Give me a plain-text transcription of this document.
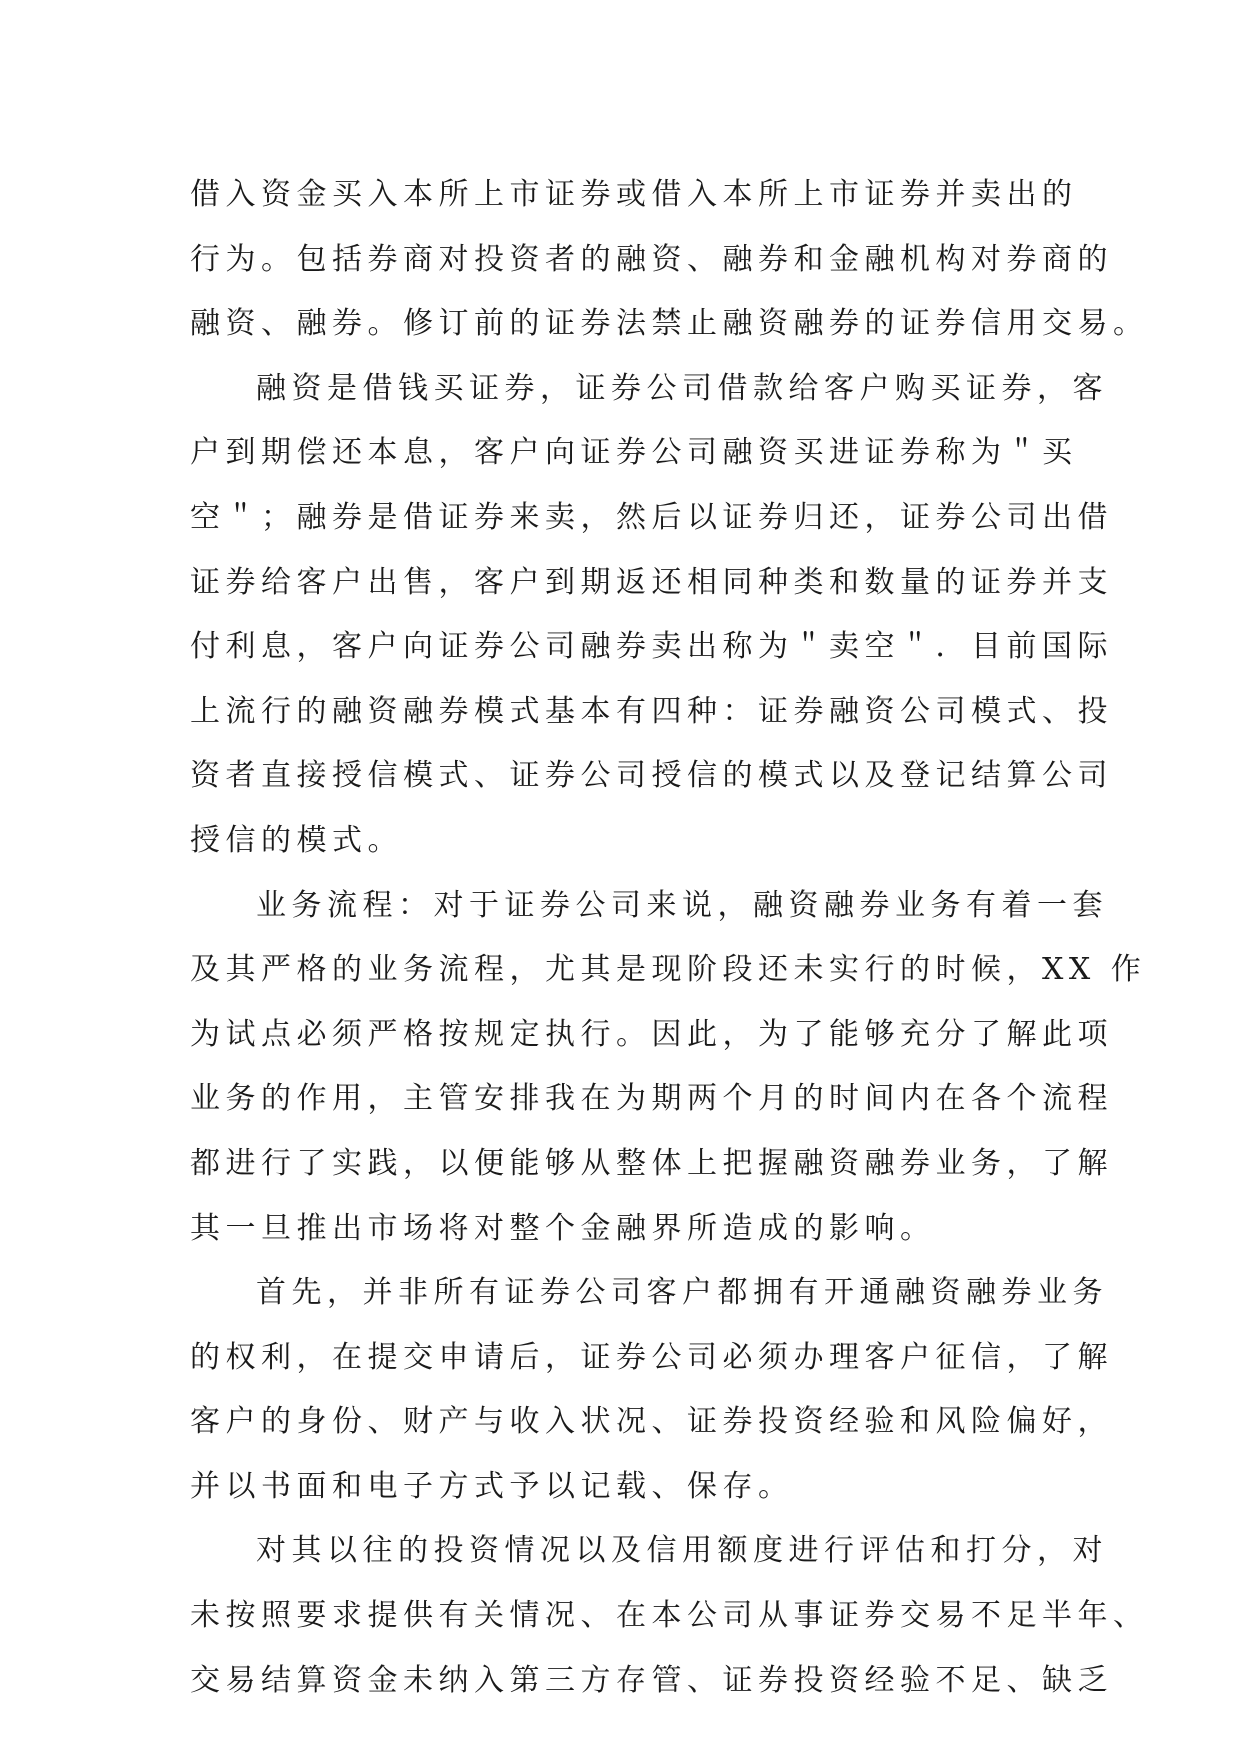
借入资金买入本所上市证券或借入本所上市证券并卖出的
行为。包括券商对投资者的融资、融券和金融机构对券商的
融资、融券。修订前的证券法禁止融资融券的证券信用交易。
融资是借钱买证券，证券公司借款给客户购买证券，客
户到期偿还本息，客户向证券公司融资买进证券称为＂买
空＂；融券是借证券来卖，然后以证券归还，证券公司出借
证券给客户出售，客户到期返还相同种类和数量的证券并支
付利息，客户向证券公司融券卖出称为＂卖空＂．目前国际
上流行的融资融券模式基本有四种：证券融资公司模式、投
资者直接授信模式、证券公司授信的模式以及登记结算公司
授信的模式。
业务流程：对于证券公司来说，融资融券业务有着一套
及其严格的业务流程，尤其是现阶段还未实行的时候，XX 作
为试点必须严格按规定执行。因此，为了能够充分了解此项
业务的作用，主管安排我在为期两个月的时间内在各个流程
都进行了实践，以便能够从整体上把握融资融券业务，了解
其一旦推出市场将对整个金融界所造成的影响。
首先，并非所有证券公司客户都拥有开通融资融券业务
的权利，在提交申请后，证券公司必须办理客户征信，了解
客户的身份、财产与收入状况、证券投资经验和风险偏好，
并以书面和电子方式予以记载、保存。
对其以往的投资情况以及信用额度进行评估和打分，对
未按照要求提供有关情况、在本公司从事证券交易不足半年、
交易结算资金未纳入第三方存管、证券投资经验不足、缺乏
